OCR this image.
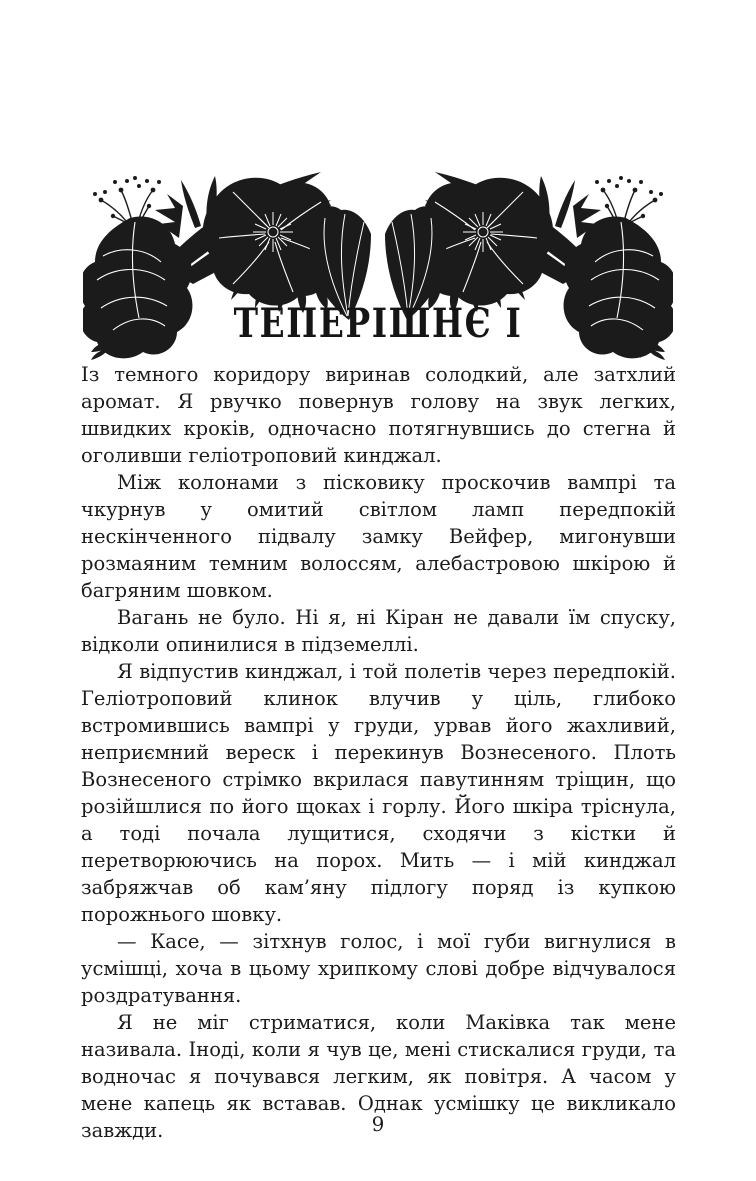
ТЕПЕРІШНЄ І

Із темного коридору виринав солодкий, але затхлий аромат. Я рвучко повернув голову на звук легких, швидких кроків, одночасно потягнувшись до стегна й оголивши геліотроповий кинджал.

Між колонами з пісковику проскочив вампрі та чкурнув у омитий світлом ламп передпокій нескінченного підвалу замку Вейфер, мигонувши розмаяним темним волоссям, алебастровою шкірою й багряним шовком.

Вагань не було. Ні я, ні Кіран не давали їм спуску, відколи опинилися в підземеллі.

Я відпустив кинджал, і той полетів через передпокій. Геліотроповий клинок влучив у ціль, глибоко встромившись вампрі у груди, урвав його жахливий, неприємний вереск і перекинув Вознесеного. Плоть Вознесеного стрімко вкрилася павутинням тріщин, що розійшлися по його щоках і горлу. Його шкіра тріснула, а тоді почала лущитися, сходячи з кістки й перетворюючись на порох. Мить — і мій кинджал забряжчав об кам’яну підлогу поряд із купкою порожнього шовку.

— Касе, — зітхнув голос, і мої губи вигнулися в усмішці, хоча в цьому хрипкому слові добре відчувалося роздратування.

Я не міг стриматися, коли Маківка так мене називала. Іноді, коли я чув це, мені стискалися груди, та водночас я почувався легким, як повітря. А часом у мене капець як вставав. Однак усмішку це викликало завжди.	9
